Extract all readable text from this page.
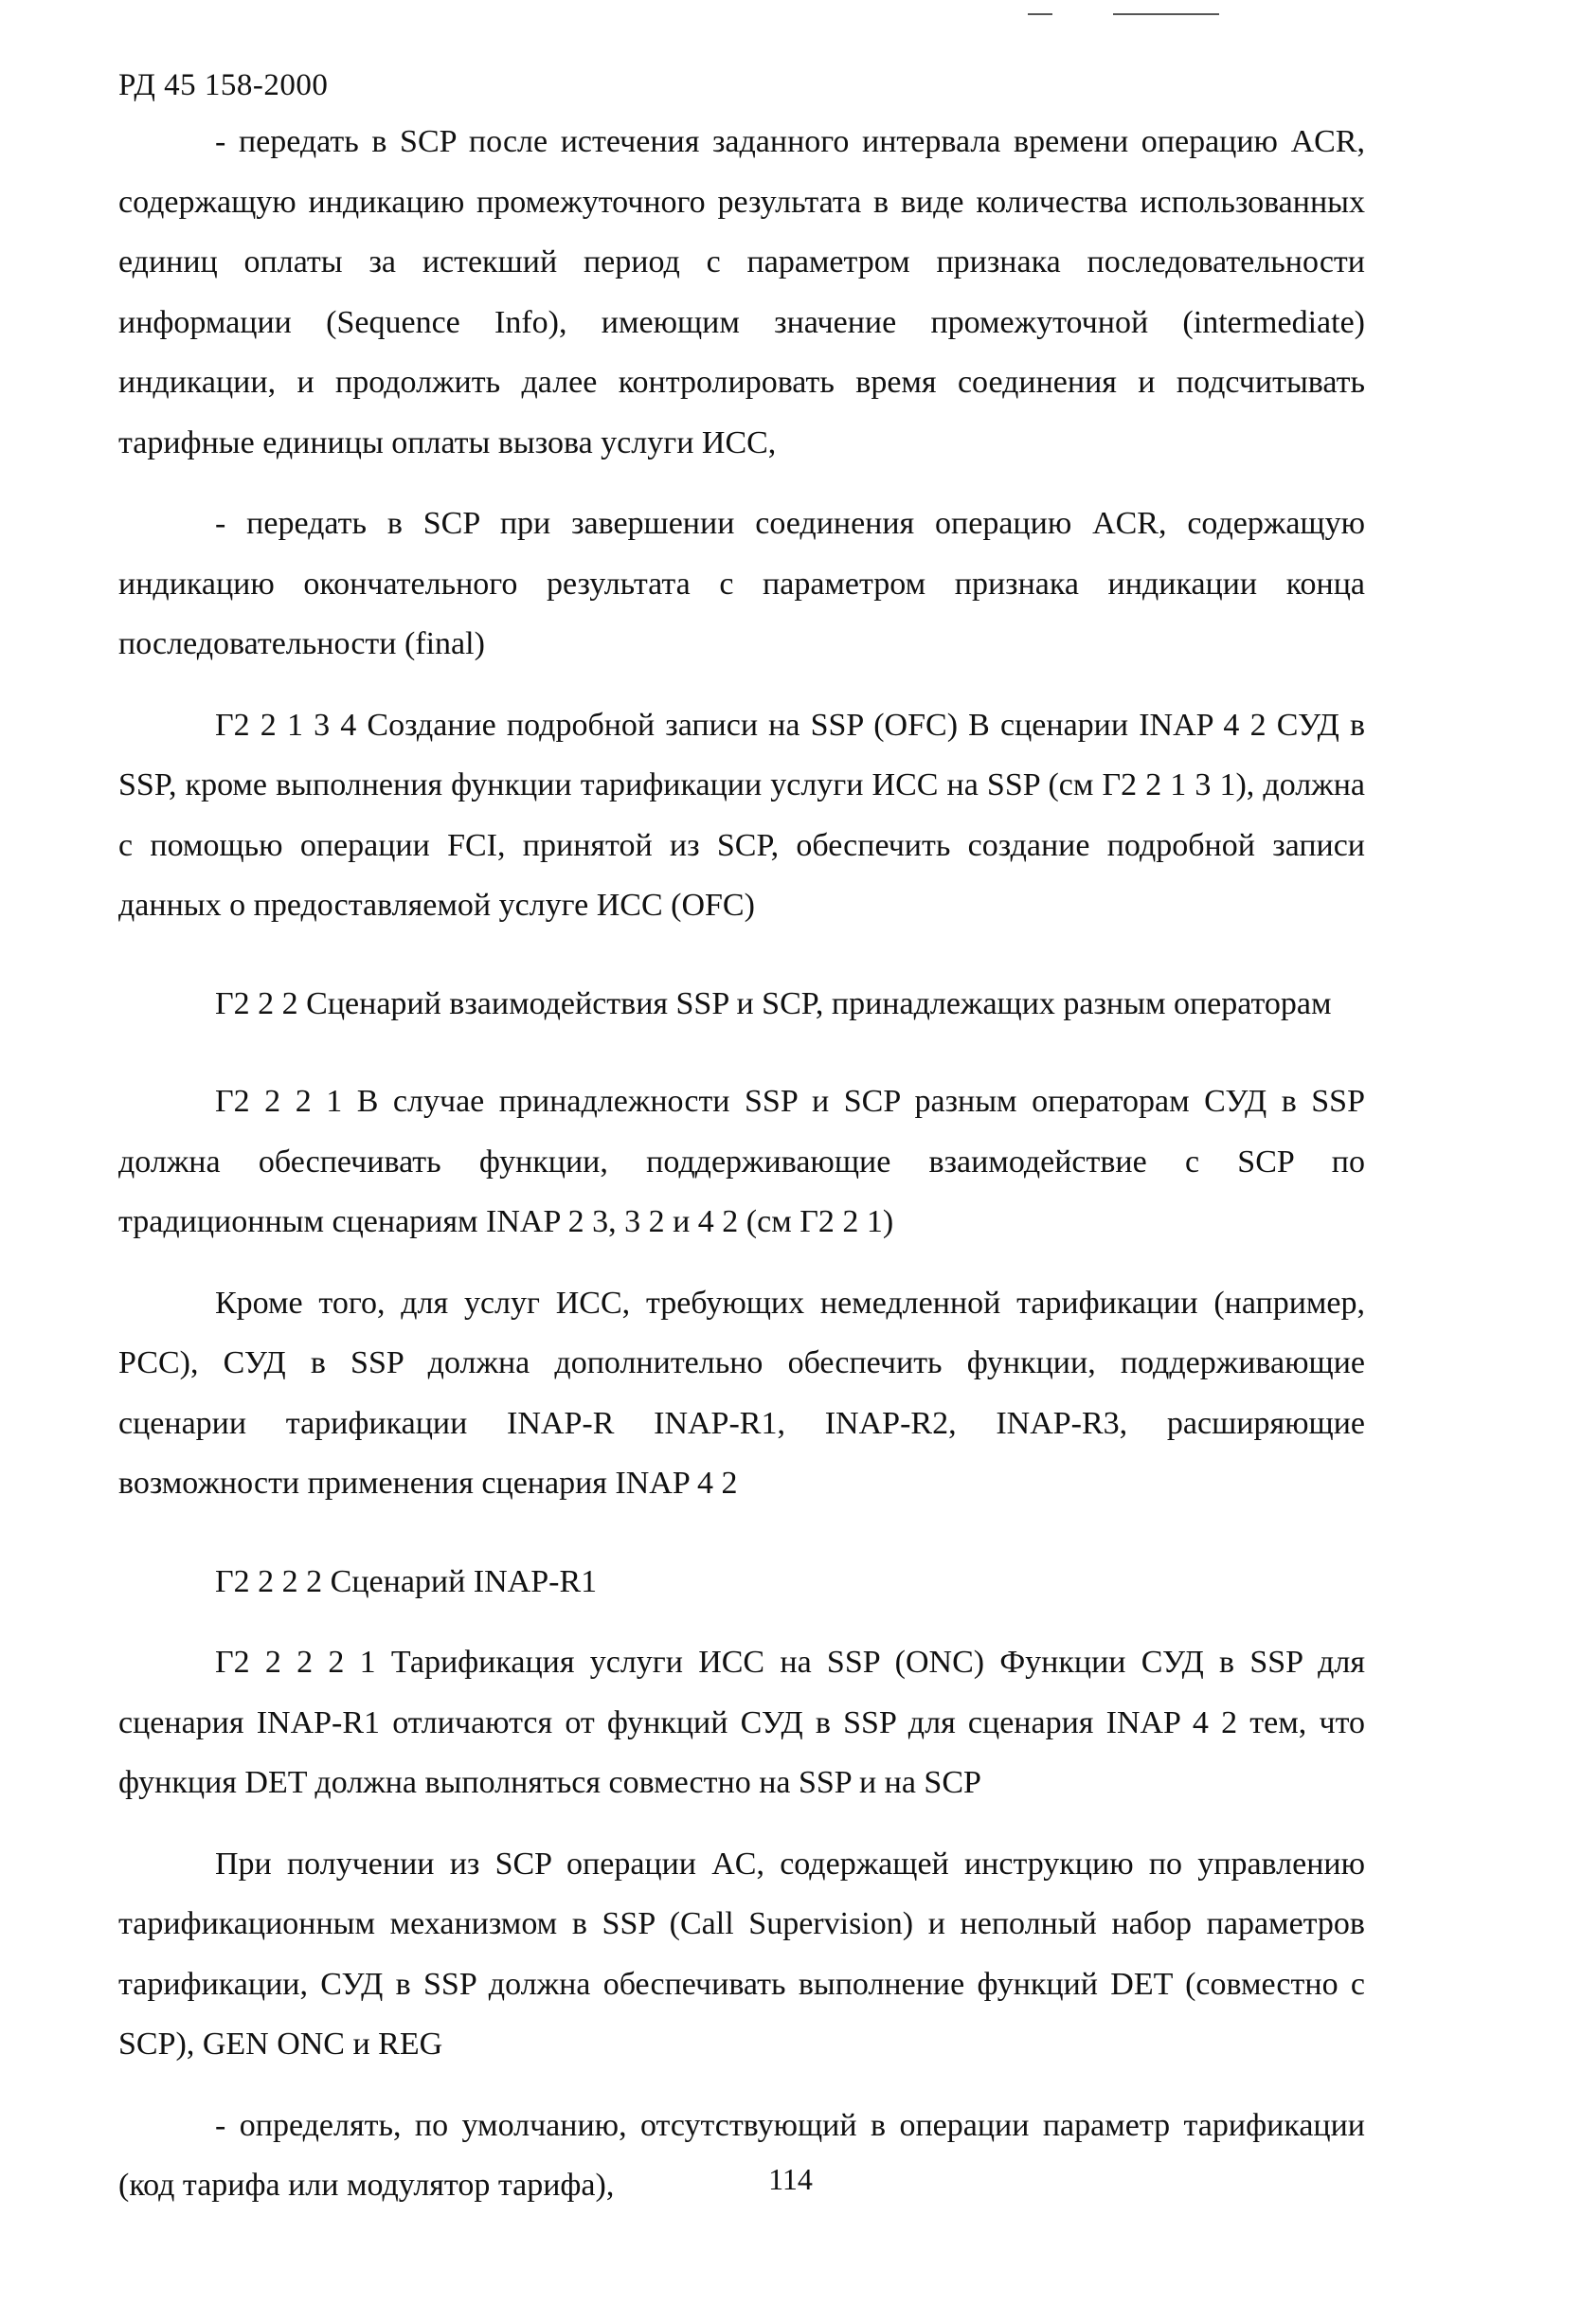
РД 45 158-2000

- передать в SCP после истечения заданного интервала времени операцию ACR, содержащую индикацию промежуточного результата в виде количества использованных единиц оплаты за истекший период с параметром признака последовательности информации (Sequence Info), имеющим значение промежуточной (intermediate) индикации, и продолжить далее контролировать время соединения и подсчитывать тарифные единицы оплаты вызова услуги ИСС,

- передать в SCP при завершении соединения операцию ACR, содержащую индикацию окончательного результата с параметром признака индикации конца последовательности (final)

Г2 2 1 3 4 Создание подробной записи на SSP (OFC) В сценарии INAP 4 2 СУД в SSP, кроме выполнения функции тарификации услуги ИСС на SSP (см Г2 2 1 3 1), должна с помощью операции FCI, принятой из SCP, обеспечить создание подробной записи данных о предоставляемой услуге ИСС (OFC)

Г2 2 2 Сценарий взаимодействия SSP и SCP, принадлежащих разным операторам

Г2 2 2 1 В случае принадлежности SSP и SCP разным операторам СУД в SSP должна обеспечивать функции, поддерживающие взаимодействие с SCP по традиционным сценариям INAP 2 3, 3 2 и 4 2 (см Г2 2 1)

Кроме того, для услуг ИСС, требующих немедленной тарификации (например, РСС), СУД в SSP должна дополнительно обеспечить функции, поддерживающие сценарии тарификации INAP-R INAP-R1, INAP-R2, INAP-R3, расширяющие возможности применения сценария INAP 4 2

Г2 2 2 2 Сценарий INAP-R1

Г2 2 2 2 1 Тарификация услуги ИСС на SSP (ONC) Функции СУД в SSP для сценария INAP-R1 отличаются от функций СУД в SSP для сценария INAP 4 2 тем, что функция DET должна выполняться совместно на SSP и на SCP

При получении из SCP операции AC, содержащей инструкцию по управлению тарификационным механизмом в SSP (Call Supervision) и неполный набор параметров тарификации, СУД в SSP должна обеспечивать выполнение функций DET (совместно с SCP), GEN ONC и REG

- определять, по умолчанию, отсутствующий в операции параметр тарификации (код тарифа или модулятор тарифа),	114
